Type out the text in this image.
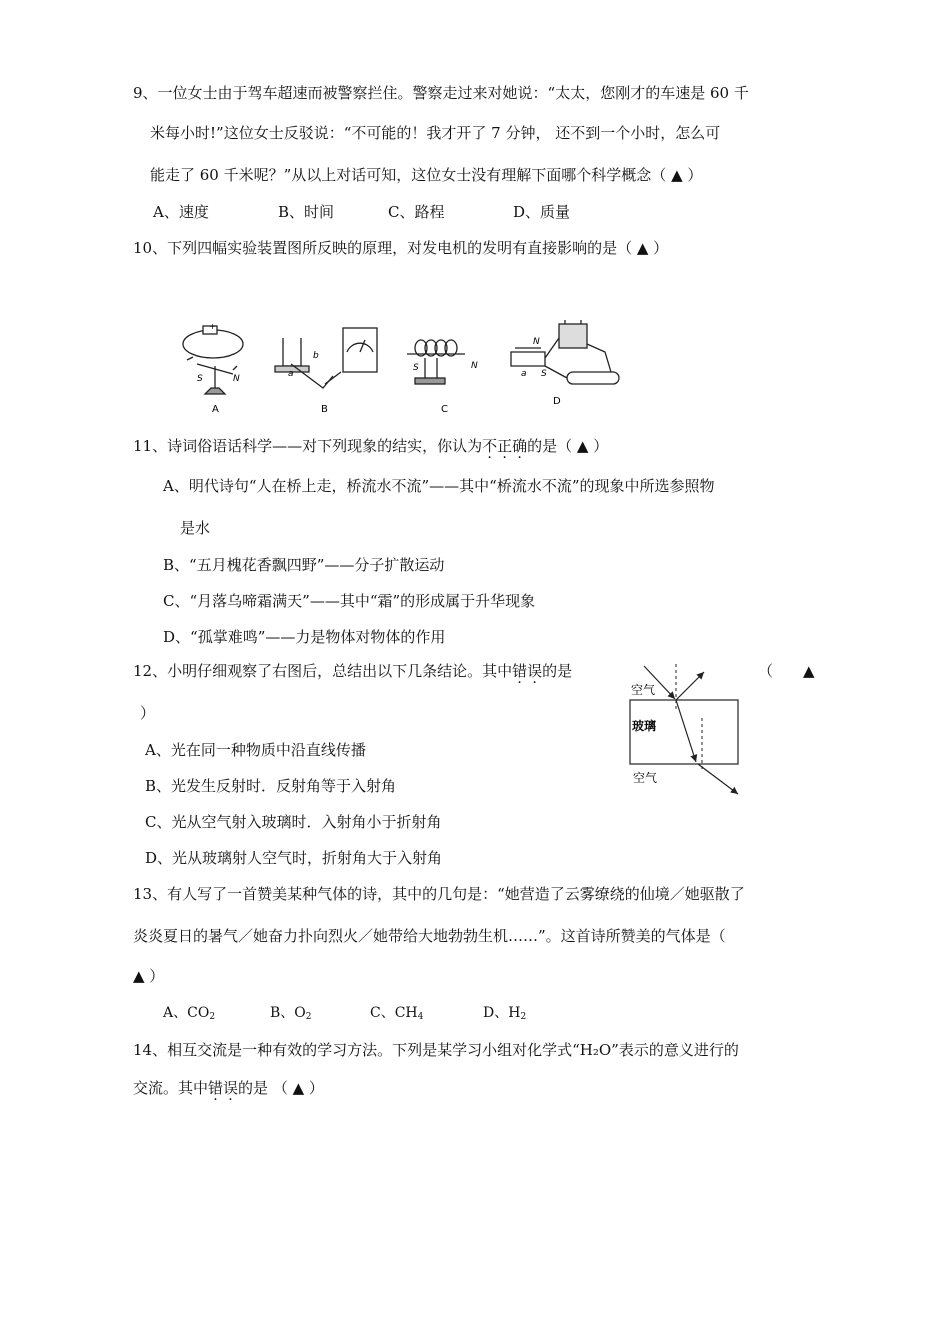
9、一位女士由于驾车超速而被警察拦住。警察走过来对她说：“太太，您刚才的车速是 60 千
米每小时!”这位女士反驳说：“不可能的！我才开了 7 分钟， 还不到一个小时，怎么可
能走了 60 千米呢？”从以上对话可知，这位女士没有理解下面哪个科学概念（ ▲ ）
A、速度	B、时间	C、路程	D、质量
10、下列四幅实验装置图所反映的原理，对发电机的发明有直接影响的是（ ▲ ）
+
S	N
A
b
a
B
S	N
C
N
S
a
D
11、诗词俗语话科学——对下列现象的结实，你认为不正确的是（ ▲ ）
A、明代诗句“人在桥上走，桥流水不流”——其中“桥流水不流”的现象中所选参照物
是水
B、“五月槐花香飘四野”——分子扩散运动
C、“月落乌啼霜满天”——其中“霜”的形成属于升华现象
D、“孤掌难鸣”——力是物体对物体的作用
12、小明仔细观察了右图后，总结出以下几条结论。其中错误的是	（ ▲
）
A、光在同一种物质中沿直线传播
B、光发生反射时．反射角等于入射角
C、光从空气射入玻璃时．入射角小于折射角
D、光从玻璃射人空气时，折射角大于入射角
空气
玻璃
空气
13、有人写了一首赞美某种气体的诗，其中的几句是：“她营造了云雾缭绕的仙境／她驱散了
炎炎夏日的暑气／她奋力扑向烈火／她带给大地勃勃生机……”。这首诗所赞美的气体是（
▲ ）
A、$CO_2$	B、$O_2$	C、$CH_4$	D、$H_2$
14、相互交流是一种有效的学习方法。下列是某学习小组对化学式“H₂O”表示的意义进行的
交流。其中错误的是 （ ▲ ）
